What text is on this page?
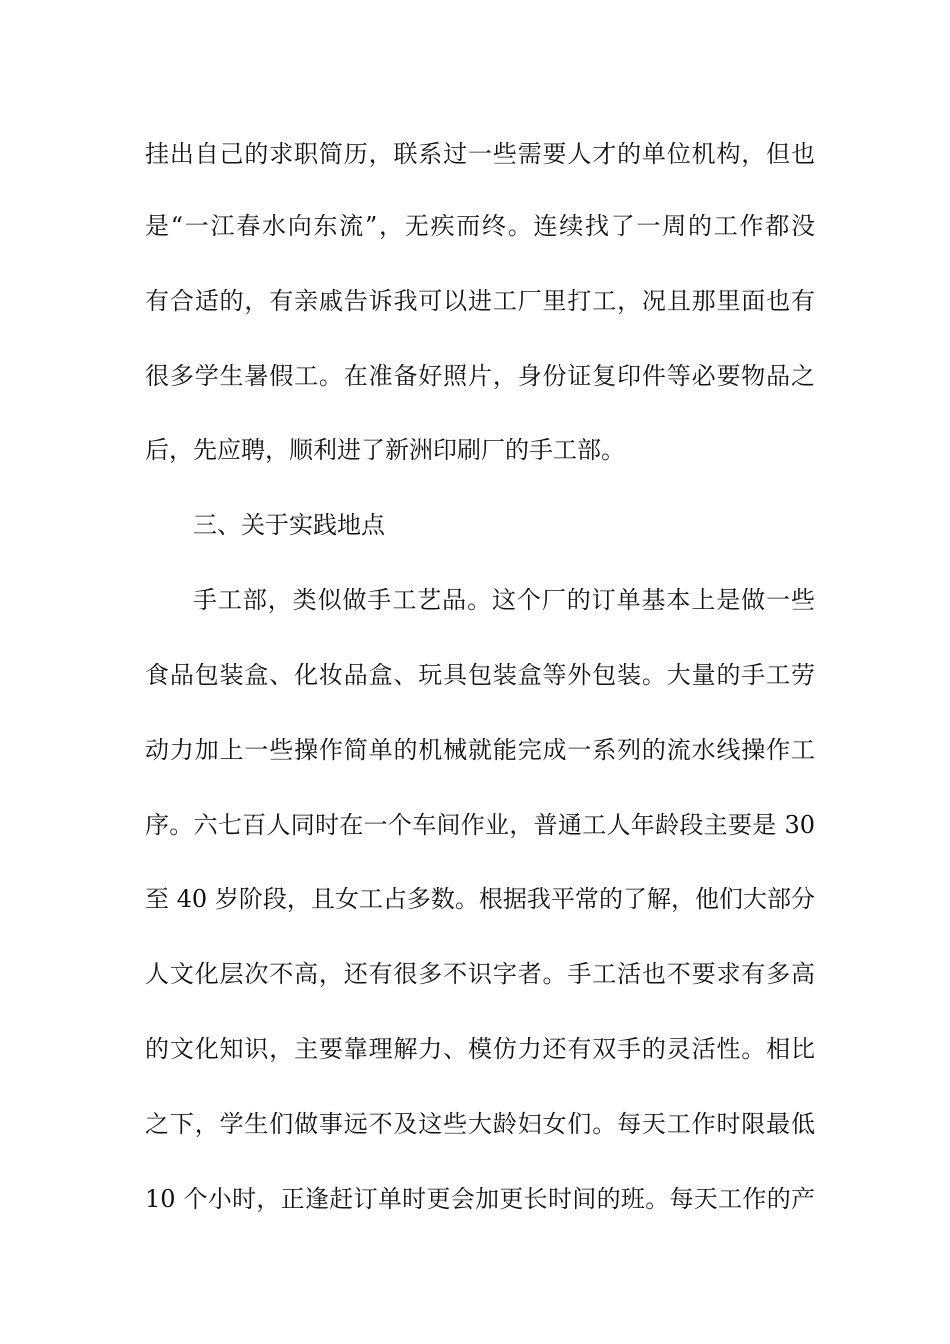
挂出自己的求职简历，联系过一些需要人才的单位机构，但也
是“一江春水向东流”，无疾而终。连续找了一周的工作都没
有合适的，有亲戚告诉我可以进工厂里打工，况且那里面也有
很多学生暑假工。在准备好照片，身份证复印件等必要物品之
后，先应聘，顺利进了新洲印刷厂的手工部。
三、关于实践地点
手工部，类似做手工艺品。这个厂的订单基本上是做一些
食品包装盒、化妆品盒、玩具包装盒等外包装。大量的手工劳
动力加上一些操作简单的机械就能完成一系列的流水线操作工
序。六七百人同时在一个车间作业，普通工人年龄段主要是 30
至 40 岁阶段，且女工占多数。根据我平常的了解，他们大部分
人文化层次不高，还有很多不识字者。手工活也不要求有多高
的文化知识，主要靠理解力、模仿力还有双手的灵活性。相比
之下，学生们做事远不及这些大龄妇女们。每天工作时限最低
10 个小时，正逢赶订单时更会加更长时间的班。每天工作的产
